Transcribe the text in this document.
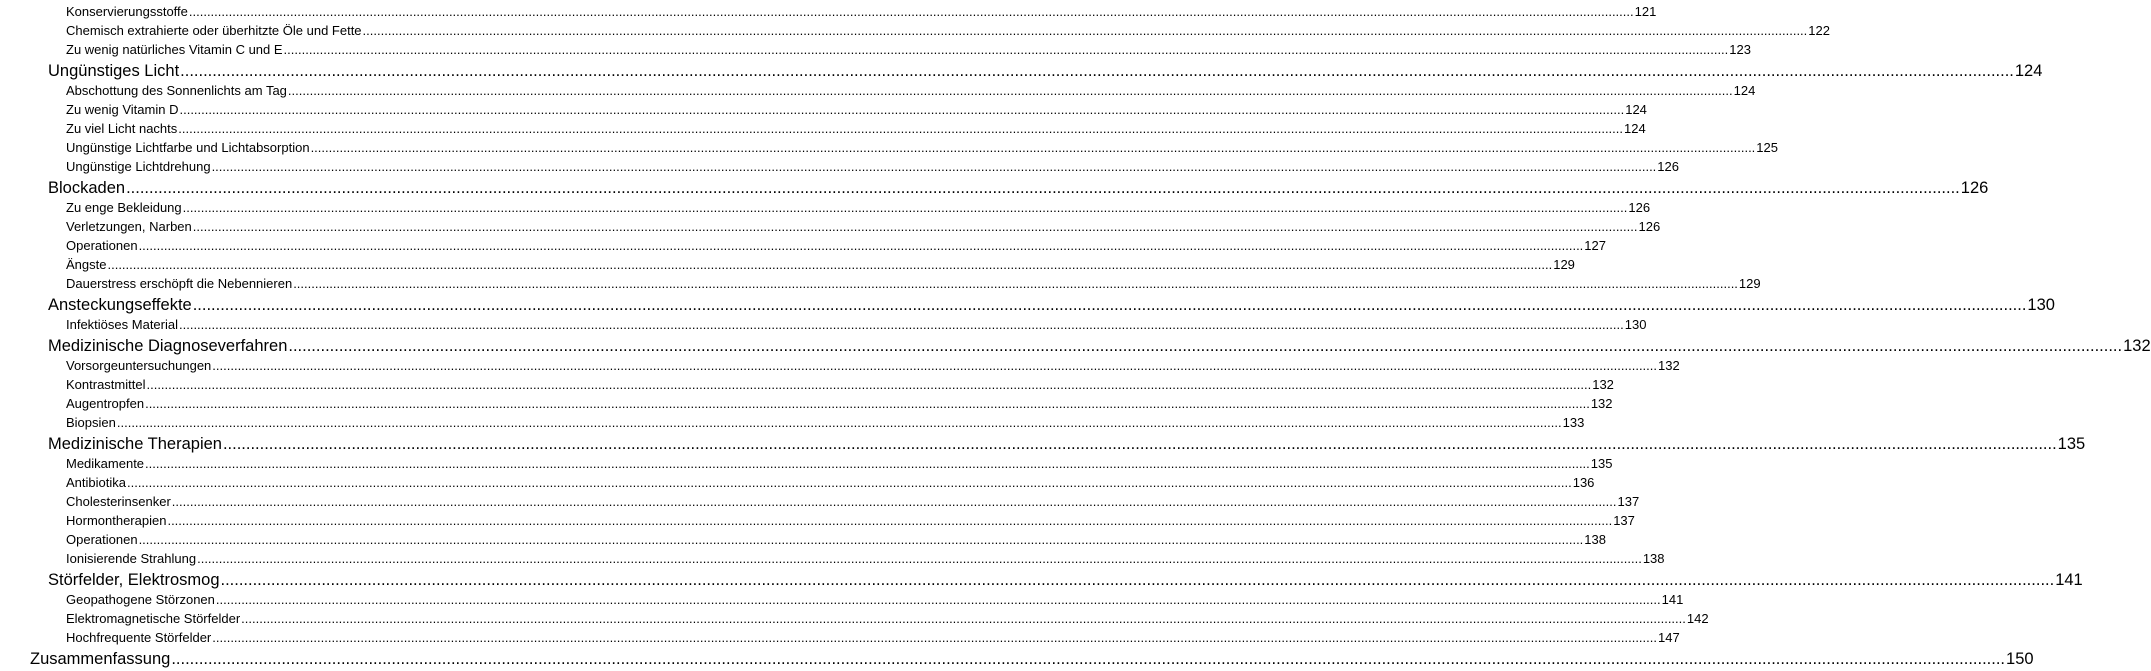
Konservierungsstoffe ................................................................................................................................................................................................................................................................................................................................................................................................................ 121
Chemisch extrahierte oder überhitzte Öle und Fette ................................................................................................................................................................................................................................................................................................................................................................................................................ 122
Zu wenig natürliches Vitamin C und E ................................................................................................................................................................................................................................................................................................................................................................................................................ 123
Ungünstiges Licht ................................................................................................................................................................................................................................................................................................................................................................................................................ 124
Abschottung des Sonnenlichts am Tag ................................................................................................................................................................................................................................................................................................................................................................................................................ 124
Zu wenig Vitamin D ................................................................................................................................................................................................................................................................................................................................................................................................................ 124
Zu viel Licht nachts ................................................................................................................................................................................................................................................................................................................................................................................................................ 124
Ungünstige Lichtfarbe und Lichtabsorption ................................................................................................................................................................................................................................................................................................................................................................................................................ 125
Ungünstige Lichtdrehung ................................................................................................................................................................................................................................................................................................................................................................................................................ 126
Blockaden ................................................................................................................................................................................................................................................................................................................................................................................................................ 126
Zu enge Bekleidung ................................................................................................................................................................................................................................................................................................................................................................................................................ 126
Verletzungen, Narben ................................................................................................................................................................................................................................................................................................................................................................................................................ 126
Operationen ................................................................................................................................................................................................................................................................................................................................................................................................................ 127
Ängste ................................................................................................................................................................................................................................................................................................................................................................................................................ 129
Dauerstress erschöpft die Nebennieren ................................................................................................................................................................................................................................................................................................................................................................................................................ 129
Ansteckungseffekte ................................................................................................................................................................................................................................................................................................................................................................................................................ 130
Infektiöses Material ................................................................................................................................................................................................................................................................................................................................................................................................................ 130
Medizinische Diagnoseverfahren ................................................................................................................................................................................................................................................................................................................................................................................................................ 132
Vorsorgeuntersuchungen ................................................................................................................................................................................................................................................................................................................................................................................................................ 132
Kontrastmittel ................................................................................................................................................................................................................................................................................................................................................................................................................ 132
Augentropfen ................................................................................................................................................................................................................................................................................................................................................................................................................ 132
Biopsien ................................................................................................................................................................................................................................................................................................................................................................................................................ 133
Medizinische Therapien ................................................................................................................................................................................................................................................................................................................................................................................................................ 135
Medikamente ................................................................................................................................................................................................................................................................................................................................................................................................................ 135
Antibiotika ................................................................................................................................................................................................................................................................................................................................................................................................................ 136
Cholesterinsenker ................................................................................................................................................................................................................................................................................................................................................................................................................ 137
Hormontherapien ................................................................................................................................................................................................................................................................................................................................................................................................................ 137
Operationen ................................................................................................................................................................................................................................................................................................................................................................................................................ 138
Ionisierende Strahlung ................................................................................................................................................................................................................................................................................................................................................................................................................ 138
Störfelder, Elektrosmog ................................................................................................................................................................................................................................................................................................................................................................................................................ 141
Geopathogene Störzonen ................................................................................................................................................................................................................................................................................................................................................................................................................ 141
Elektromagnetische Störfelder ................................................................................................................................................................................................................................................................................................................................................................................................................ 142
Hochfrequente Störfelder ................................................................................................................................................................................................................................................................................................................................................................................................................ 147
Zusammenfassung ................................................................................................................................................................................................................................................................................................................................................................................................................ 150
